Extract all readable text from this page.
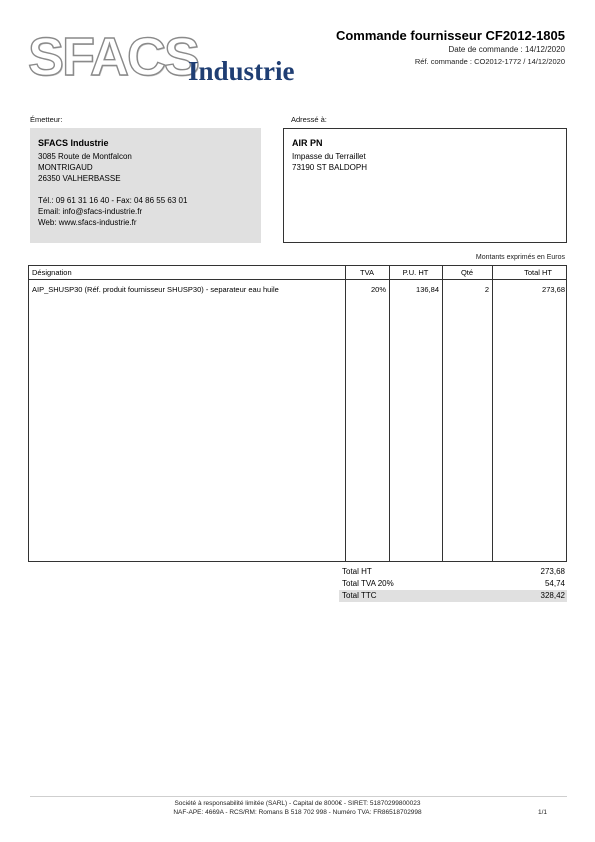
SFACS
Industrie
Commande fournisseur CF2012-1805
Date de commande : 14/12/2020
Réf. commande : CO2012-1772 / 14/12/2020
Émetteur:
SFACS Industrie
3085 Route de Montfalcon
MONTRIGAUD
26350 VALHERBASSE
Tél.: 09 61 31 16 40 - Fax: 04 86 55 63 01
Email: info@sfacs-industrie.fr
Web: www.sfacs-industrie.fr
Adressé à:
AIR PN
Impasse du Terraillet
73190 ST BALDOPH
Montants exprimés en Euros
Désignation	TVA	P.U. HT	Qté	Total HT
AIP_SHUSP30 (Réf. produit fournisseur SHUSP30) - separateur eau huile	20%	136,84	2	273,68
Total HT	273,68
Total TVA 20%	54,74
Total TTC	328,42
Société à responsabilité limitée (SARL) - Capital de 8000€ - SIRET: 51870299800023
NAF-APE: 4669A - RCS/RM: Romans B 518 702 998 - Numéro TVA: FR86518702998	1/1
